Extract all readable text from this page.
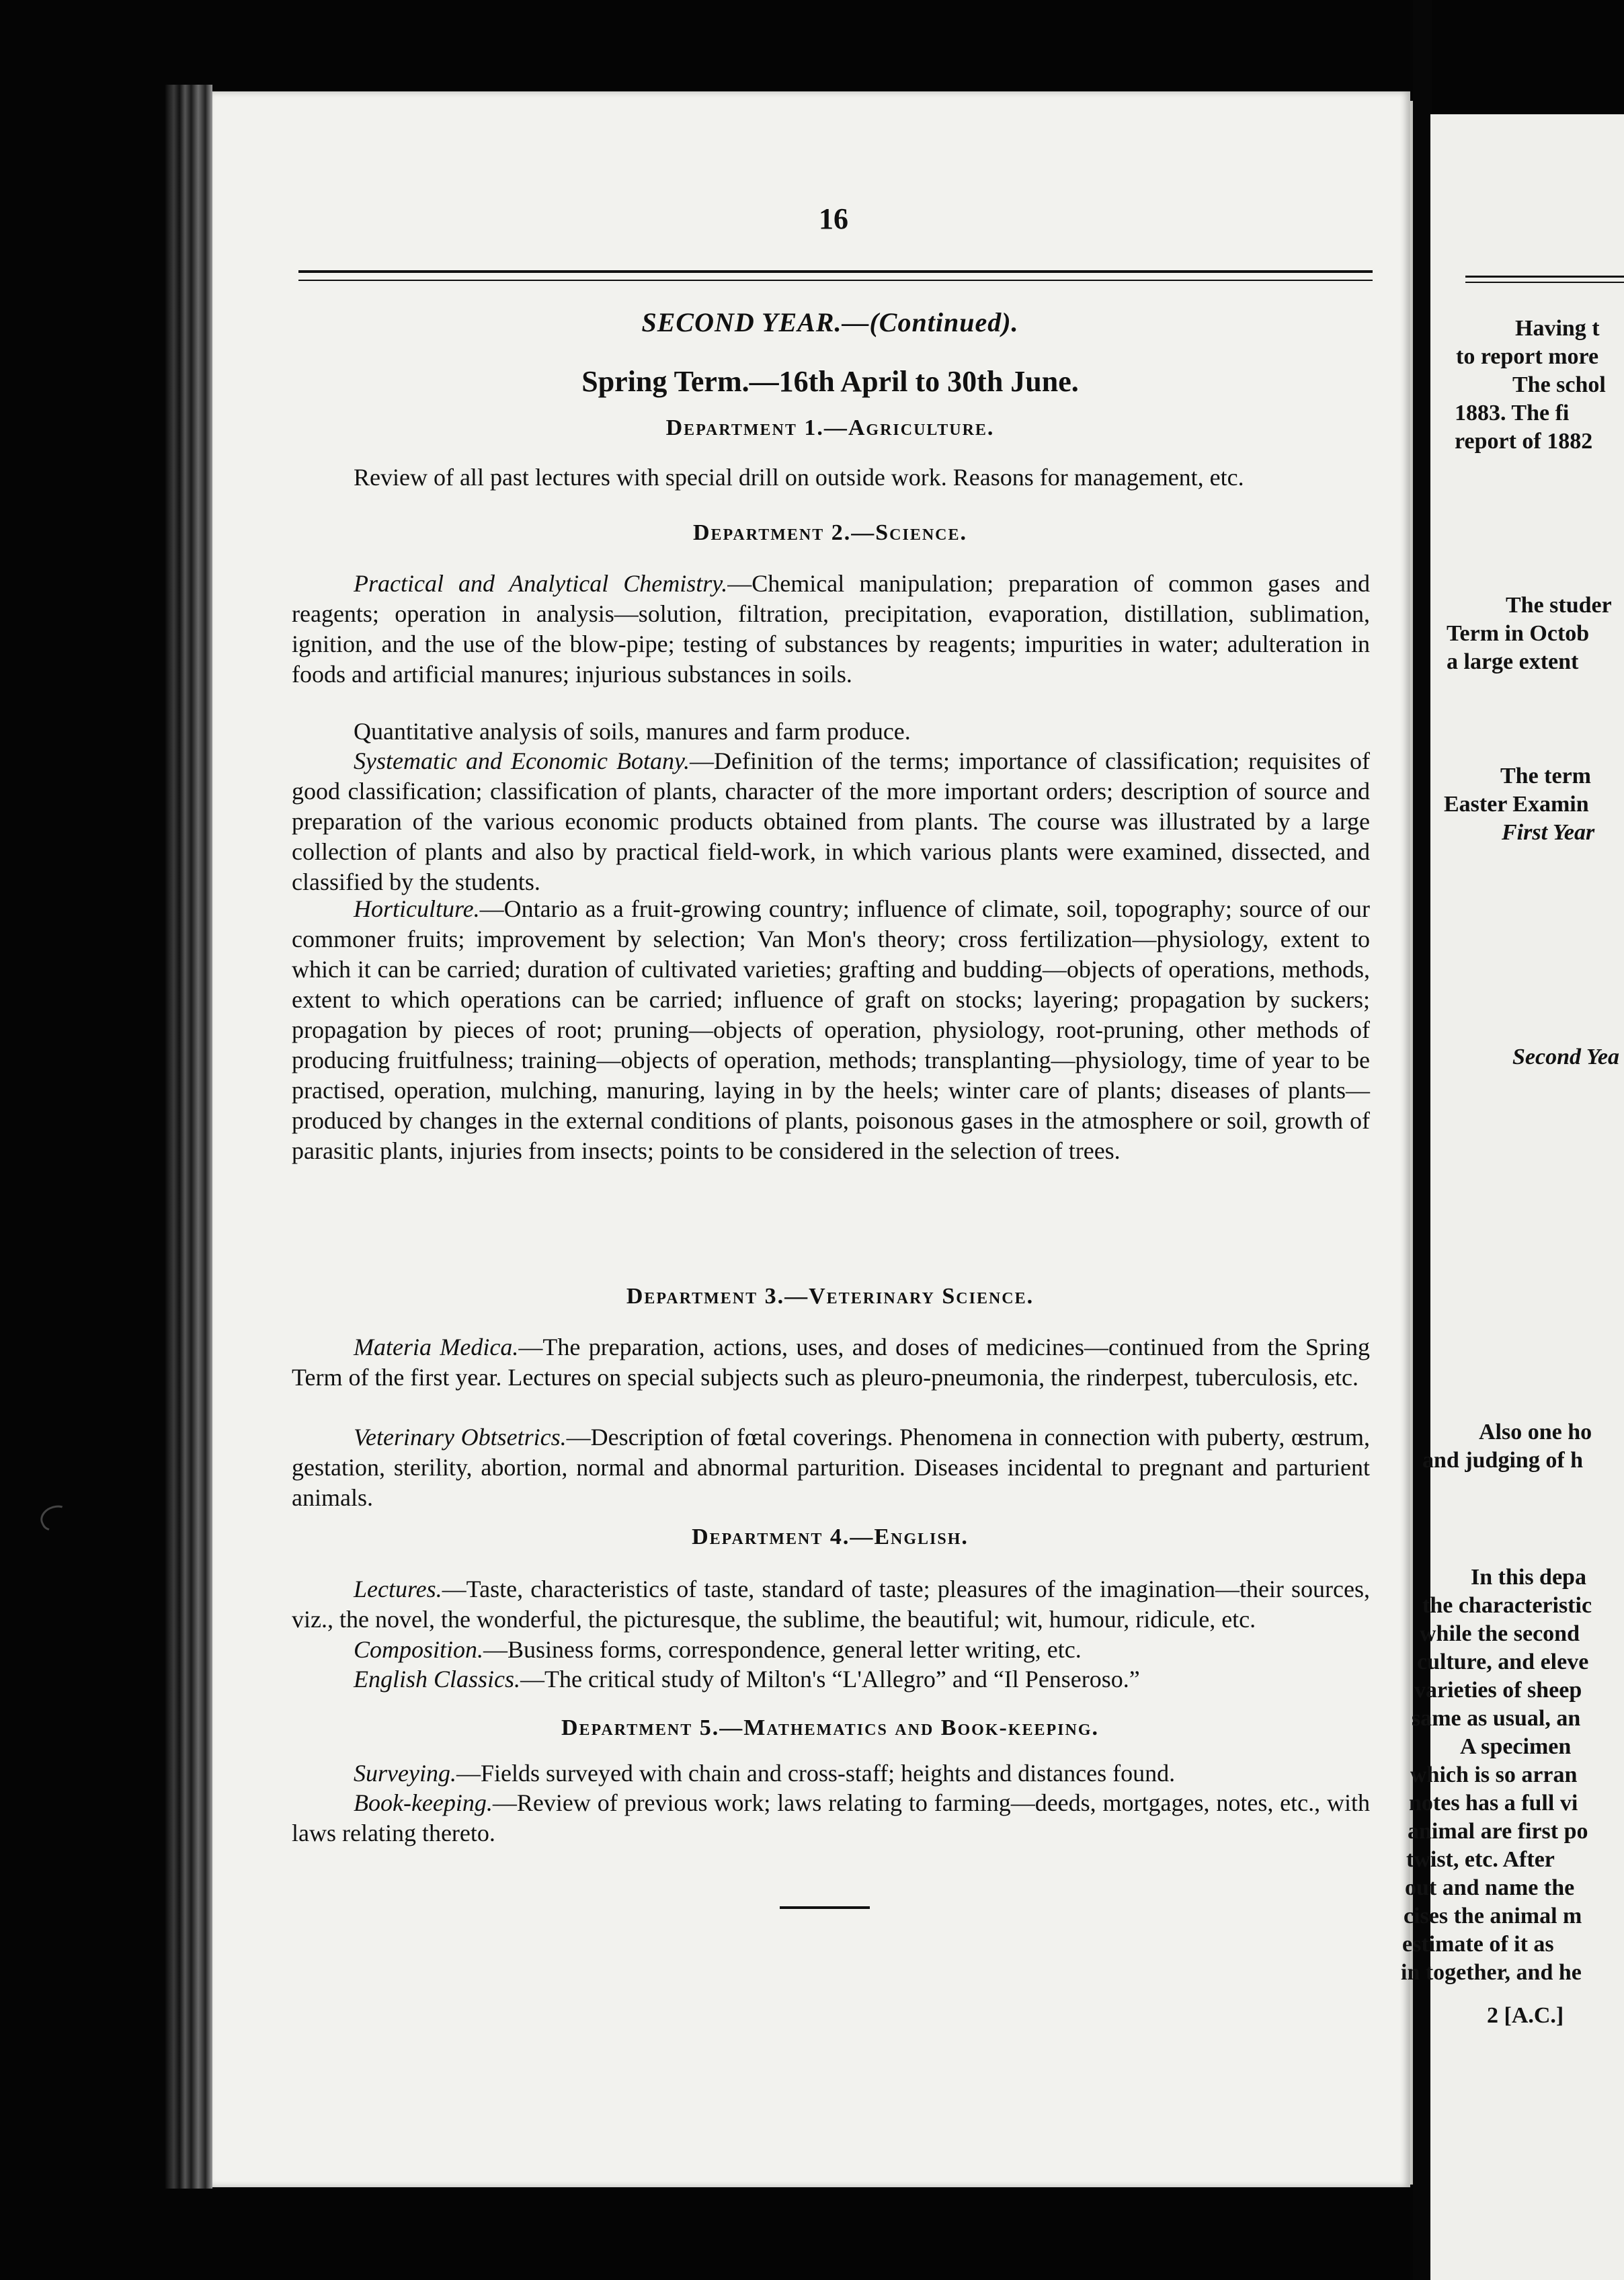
16
SECOND YEAR.—(Continued).
Spring Term.—16th April to 30th June.
Department 1.—Agriculture.
Review of all past lectures with special drill on outside work. Reasons for management, etc.
Department 2.—Science.
Practical and Analytical Chemistry.—Chemical manipulation; preparation of common gases and reagents; operation in analysis—solution, filtration, precipitation, evaporation, distillation, sublimation, ignition, and the use of the blow-pipe; testing of substances by reagents; impurities in water; adulteration in foods and artificial manures; injurious substances in soils.
Quantitative analysis of soils, manures and farm produce.
Systematic and Economic Botany.—Definition of the terms; importance of classification; requisites of good classification; classification of plants, character of the more important orders; description of source and preparation of the various economic products obtained from plants. The course was illustrated by a large collection of plants and also by practical field-work, in which various plants were examined, dissected, and classified by the students.
Horticulture.—Ontario as a fruit-growing country; influence of climate, soil, topography; source of our commoner fruits; improvement by selection; Van Mon's theory; cross fertilization—physiology, extent to which it can be carried; duration of cultivated varieties; grafting and budding—objects of operations, methods, extent to which operations can be carried; influence of graft on stocks; layering; propagation by suckers; propagation by pieces of root; pruning—objects of operation, physiology, root-pruning, other methods of producing fruitfulness; training—objects of operation, methods; transplanting—physiology, time of year to be practised, operation, mulching, manuring, laying in by the heels; winter care of plants; diseases of plants—produced by changes in the external conditions of plants, poisonous gases in the atmosphere or soil, growth of parasitic plants, injuries from insects; points to be considered in the selection of trees.
Department 3.—Veterinary Science.
Materia Medica.—The preparation, actions, uses, and doses of medicines—continued from the Spring Term of the first year. Lectures on special subjects such as pleuro-pneumonia, the rinderpest, tuberculosis, etc.
Veterinary Obtsetrics.—Description of fœtal coverings. Phenomena in connection with puberty, œstrum, gestation, sterility, abortion, normal and abnormal parturition. Diseases incidental to pregnant and parturient animals.
Department 4.—English.
Lectures.—Taste, characteristics of taste, standard of taste; pleasures of the imagination—their sources, viz., the novel, the wonderful, the picturesque, the sublime, the beautiful; wit, humour, ridicule, etc.
Composition.—Business forms, correspondence, general letter writing, etc.
English Classics.—The critical study of Milton's “L'Allegro” and “Il Penseroso.”
Department 5.—Mathematics and Book-keeping.
Surveying.—Fields surveyed with chain and cross-staff; heights and distances found.
Book-keeping.—Review of previous work; laws relating to farming—deeds, mortgages, notes, etc., with laws relating thereto.
Having t
to report more
The schol
1883. The fi
report of 1882
The studer
Term in Octob
a large extent
The term
Easter Examin
First Year
Second Yea
Also one ho
and judging of h
In this depa
the characteristic
while the second
culture, and eleve
varieties of sheep
same as usual, an
A specimen
which is so arran
notes has a full vi
animal are first po
twist, etc. After
out and name the
cises the animal m
estimate of it as
in together, and he
2 [A.C.]
